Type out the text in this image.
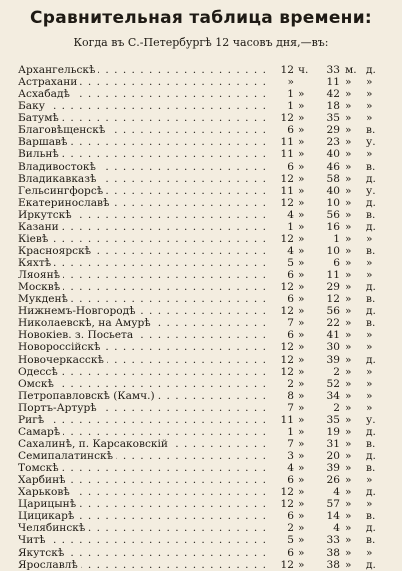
Сравнительная таблица времени:
Когда въ С.-Петербургѣ 12 часовъ дня,—въ:
. . .
Архангельскѣ	12 ч.	33 м. д.
. . .
Астрахани	»	11 »	»
. . .
Асхабадѣ	1 »	42 »	»
. . .
Баку	1 »	18 »	»
. . .
Батумѣ	12 »	35 »	»
. . .
Благовѣщенскѣ	6 »	29 »	в.
. . .
Варшавѣ	11 »	23 »	у.
. . .
Вильнѣ	11 »	40 »	»
. . .
Владивостокѣ	6 »	46 »	в.
. . .
Владикавказѣ	12 »	58 »	д.
. . .
Гельсингфорсѣ	11 »	40 »	у.
. . .
Екатеринославѣ	12 »	10 »	д.
. . .
Иркутскѣ	4 »	56 »	в.
. . .
Казани	1 »	16 »	д.
. . .
Кіевѣ	12 »	1 »	»
. . .
Красноярскѣ	4 »	10 »	в.
. . .
Кяхтѣ	5 »	6 »	»
. . .
Ляоянѣ	6 »	11 »	»
. . .
Москвѣ	12 »	29 »	д.
. . .
Мукденѣ	6 »	12 »	в.
. . .
Нижнемъ-Новгородѣ	12 »	56 »	д.
. . .
Николаевскѣ, на Амурѣ	7 »	22 »	в.
. . .
Новокiев. з. Посьета	6 »	41 »	»
. . .
Новороссійскѣ	12 »	30 »	»
. . .
Новочеркасскѣ	12 »	39 »	д.
. . .
Одессѣ	12 »	2 »	»
. . .
Омскѣ	2 »	52 »	»
. . .
Петропавловскѣ (Камч.)	8 »	34 »	»
. . .
Портъ-Артурѣ	7 »	2 »	»
. . .
Ригѣ	11 »	35 »	у.
. . .
Самарѣ	1 »	19 »	д.
. . .
Сахалинѣ, п. Карсаковскій	7 »	31 »	в.
. . .
Семипалатинскѣ	3 »	20 »	д.
. . .
Томскѣ	4 »	39 »	в.
. . .
Харбинѣ	6 »	26 »	»
. . .
Харьковѣ	12 »	4 »	д.
. . .
Царицынѣ	12 »	57 »	»
. . .
Цицикарѣ	6 »	14 »	в.
. . .
Челябинскѣ	2 »	4 »	д.
. . .
Читѣ	5 »	33 »	в.
. . .
Якутскѣ	6 »	38 »	»
. . .
Ярославлѣ	12 »	38 »	д.
